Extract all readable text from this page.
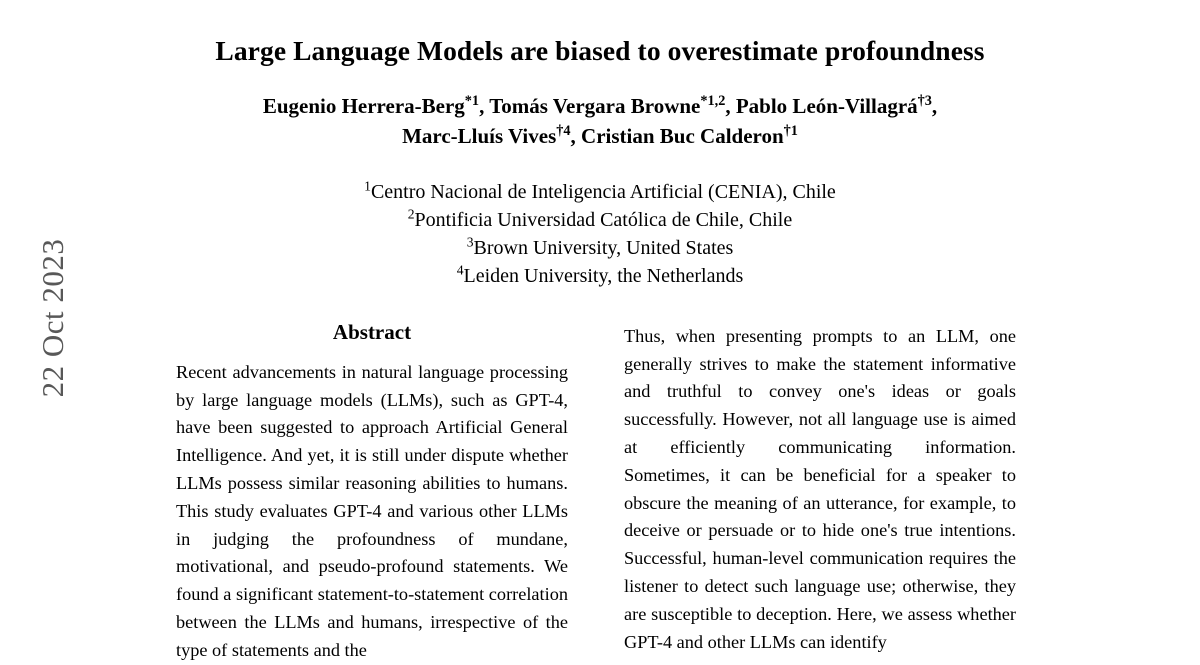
22 Oct 2023
Large Language Models are biased to overestimate profoundness
Eugenio Herrera-Berg$^{*1}$, Tomás Vergara Browne$^{*1,2}$, Pablo León-Villagrá$^{\dagger 3}$,
Marc-Lluís Vives$^{\dagger 4}$, Cristian Buc Calderon$^{\dagger 1}$
$^1$Centro Nacional de Inteligencia Artificial (CENIA), Chile
$^2$Pontificia Universidad Católica de Chile, Chile
$^3$Brown University, United States
$^4$Leiden University, the Netherlands
Abstract
Recent advancements in natural language processing by large language models (LLMs), such as GPT-4, have been suggested to approach Artificial General Intelligence. And yet, it is still under dispute whether LLMs possess similar reasoning abilities to humans. This study evaluates GPT-4 and various other LLMs in judging the profoundness of mundane, motivational, and pseudo-profound statements. We found a significant statement-to-statement correlation between the LLMs and humans, irrespective of the type of statements and the
Thus, when presenting prompts to an LLM, one generally strives to make the statement informative and truthful to convey one's ideas or goals successfully. However, not all language use is aimed at efficiently communicating information. Sometimes, it can be beneficial for a speaker to obscure the meaning of an utterance, for example, to deceive or persuade or to hide one's true intentions. Successful, human-level communication requires the listener to detect such language use; otherwise, they are susceptible to deception. Here, we assess whether GPT-4 and other LLMs can identify
